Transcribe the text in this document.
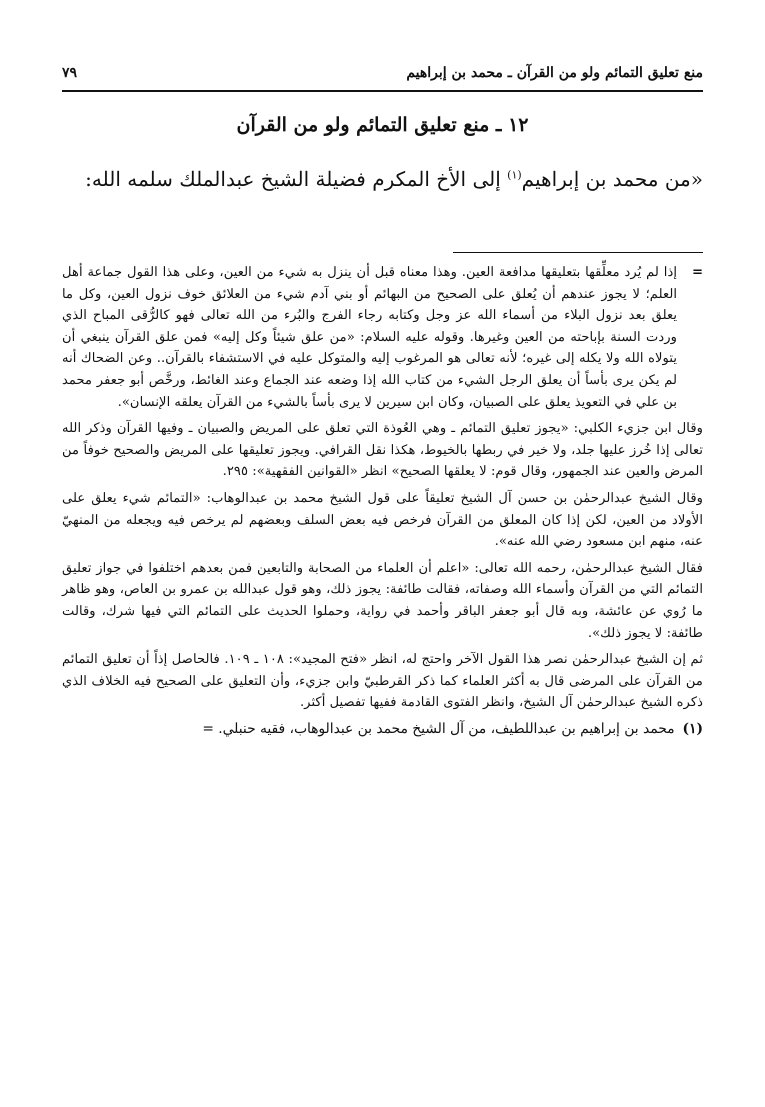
منع تعليق التمائم ولو من القرآن ـ محمد بن إبراهيم
٧٩
١٢ ـ منع تعليق التمائم ولو من القرآن
«من محمد بن إبراهيم$^{(١)}$ إلى الأخ المكرم فضيلة الشيخ عبدالملك سلمه الله:
=

إذا لم يُرد معلِّقها بتعليقها مدافعة العين. وهذا معناه قبل أن ينزل به شيء من العين، وعلى هذا القول جماعة أهل العلم؛ لا يجوز عندهم أن يُعلق على الصحيح من البهائم أو بني آدم شيء من العلائق خوف نزول العين، وكل ما يعلق بعد نزول البلاء من أسماء الله عز وجل وكتابه رجاء الفرج والبُرء من الله تعالى فهو كالرُّقى المباح الذي وردت السنة بإباحته من العين وغيرها. وقوله عليه السلام: «من علق شيئاً وكل إليه» فمن علق القرآن ينبغي أن يتولاه الله ولا يكله إلى غيره؛ لأنه تعالى هو المرغوب إليه والمتوكل عليه في الاستشفاء بالقرآن.. وعن الضحاك أنه لم يكن يرى بأساً أن يعلق الرجل الشيء من كتاب الله إذا وضعه عند الجماع وعند الغائط، ورخَّص أبو جعفر محمد بن علي في التعويذ يعلق على الصبيان، وكان ابن سيرين لا يرى بأساً بالشيء من القرآن يعلقه الإنسان».

وقال ابن جزيء الكلبي: «يجوز تعليق التمائم ـ وهي العُوذة التي تعلق على المريض والصبيان ـ وفيها القرآن وذكر الله تعالى إذا خُرز عليها جلد، ولا خير في ربطها بالخيوط، هكذا نقل القرافي. ويجوز تعليقها على المريض والصحيح خوفاً من المرض والعين عند الجمهور، وقال قوم: لا يعلقها الصحيح» انظر «القوانين الفقهية»: ٢٩٥.

وقال الشيخ عبدالرحمٰن بن حسن آل الشيخ تعليقاً على قول الشيخ محمد بن عبدالوهاب: «التمائم شيء يعلق على الأولاد من العين، لكن إذا كان المعلق من القرآن فرخص فيه بعض السلف وبعضهم لم يرخص فيه ويجعله من المنهيّ عنه، منهم ابن مسعود رضي الله عنه».

فقال الشيخ عبدالرحمٰن، رحمه الله تعالى: «اعلم أن العلماء من الصحابة والتابعين فمن بعدهم اختلفوا في جواز تعليق التمائم التي من القرآن وأسماء الله وصفاته، فقالت طائفة: يجوز ذلك، وهو قول عبدالله بن عمرو بن العاص، وهو ظاهر ما رُوي عن عائشة، وبه قال أبو جعفر الباقر وأحمد في رواية، وحملوا الحديث على التمائم التي فيها شرك، وقالت طائفة: لا يجوز ذلك».

ثم إن الشيخ عبدالرحمٰن نصر هذا القول الآخر واحتج له، انظر «فتح المجيد»: ١٠٨ ـ ١٠٩. فالحاصل إذاً أن تعليق التمائم من القرآن على المرضى قال به أكثر العلماء كما ذكر القرطبيّ وابن جزيء، وأن التعليق على الصحيح فيه الخلاف الذي ذكره الشيخ عبدالرحمٰن آل الشيخ، وانظر الفتوى القادمة ففيها تفصيل أكثر.

(١)
محمد بن إبراهيم بن عبداللطيف، من آل الشيخ محمد بن عبدالوهاب، فقيه حنبلي. =
